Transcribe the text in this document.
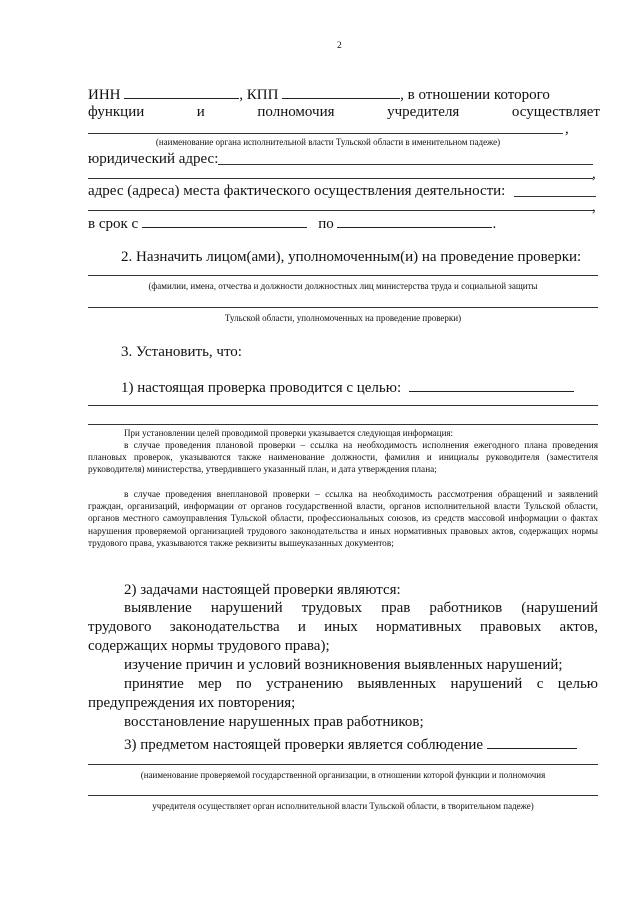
2
ИНН	, КПП	, в отношении которого
функции и полномочия учредителя осуществляет
,
(наименование органа исполнительной власти Тульской области в именительном падеже)
юридический адрес:
,
адрес (адреса) места фактического осуществления деятельности:
,
в срок с	по	.
2. Назначить лицом(ами), уполномоченным(и) на проведение проверки:
(фамилии, имена, отчества и должности должностных лиц министерства труда и социальной защиты
Тульской области, уполномоченных на проведение проверки)
3. Установить, что:
1) настоящая проверка проводится с целью:
При установлении целей проводимой проверки указывается следующая информация:
в случае проведения плановой проверки – ссылка на необходимость исполнения ежегодного плана проведения плановых проверок, указываются также наименование должности, фамилия и инициалы руководителя (заместителя руководителя) министерства, утвердившего указанный план, и дата утверждения плана;
в случае проведения внеплановой проверки – ссылка на необходимость рассмотрения обращений и заявлений граждан, организаций, информации от органов государственной власти, органов исполнительной власти Тульской области, органов местного самоуправления Тульской области, профессиональных союзов, из средств массовой информации о фактах нарушения проверяемой организацией трудового законодательства и иных нормативных правовых актов, содержащих нормы трудового права, указываются также реквизиты вышеуказанных документов;
2) задачами настоящей проверки являются:
выявление нарушений трудовых прав работников (нарушений
трудового законодательства и иных нормативных правовых актов,
содержащих нормы трудового права);
изучение причин и условий возникновения выявленных нарушений;
принятие мер по устранению выявленных нарушений с целью
предупреждения их повторения;
восстановление нарушенных прав работников;
3) предметом настоящей проверки является соблюдение
(наименование проверяемой государственной организации, в отношении которой функции и полномочия
учредителя осуществляет орган исполнительной власти Тульской области, в творительном падеже)
